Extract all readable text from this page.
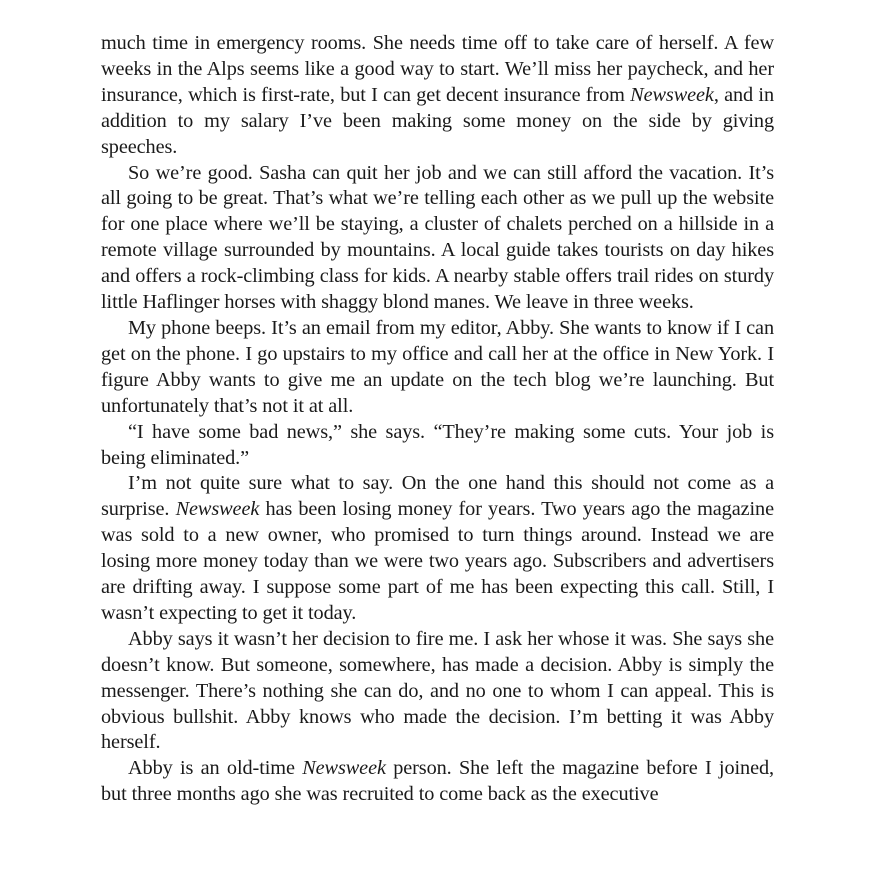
much time in emergency rooms. She needs time off to take care of herself. A few weeks in the Alps seems like a good way to start. We’ll miss her paycheck, and her insurance, which is first-rate, but I can get decent insurance from Newsweek, and in addition to my salary I’ve been making some money on the side by giving speeches.

So we’re good. Sasha can quit her job and we can still afford the vacation. It’s all going to be great. That’s what we’re telling each other as we pull up the website for one place where we’ll be staying, a cluster of chalets perched on a hillside in a remote village surrounded by mountains. A local guide takes tourists on day hikes and offers a rock-climbing class for kids. A nearby stable offers trail rides on sturdy little Haflinger horses with shaggy blond manes. We leave in three weeks.

My phone beeps. It’s an email from my editor, Abby. She wants to know if I can get on the phone. I go upstairs to my office and call her at the office in New York. I figure Abby wants to give me an update on the tech blog we’re launching. But unfortunately that’s not it at all.

“I have some bad news,” she says. “They’re making some cuts. Your job is being eliminated.”

I’m not quite sure what to say. On the one hand this should not come as a surprise. Newsweek has been losing money for years. Two years ago the magazine was sold to a new owner, who promised to turn things around. Instead we are losing more money today than we were two years ago. Subscribers and advertisers are drifting away. I suppose some part of me has been expecting this call. Still, I wasn’t expecting to get it today.

Abby says it wasn’t her decision to fire me. I ask her whose it was. She says she doesn’t know. But someone, somewhere, has made a decision. Abby is simply the messenger. There’s nothing she can do, and no one to whom I can appeal. This is obvious bullshit. Abby knows who made the decision. I’m betting it was Abby herself.

Abby is an old-time Newsweek person. She left the magazine before I joined, but three months ago she was recruited to come back as the executive
